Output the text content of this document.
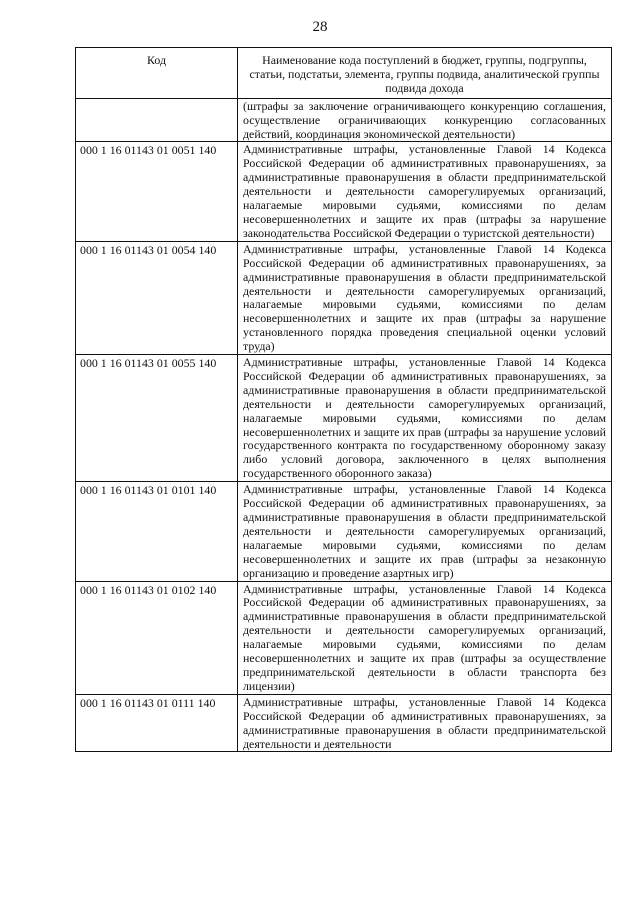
28
Код	Наименование кода поступлений в бюджет, группы, подгруппы, статьи, подстатьи, элемента, группы подвида, аналитической группы подвида дохода
	(штрафы за заключение ограничивающего конкуренцию соглашения, осуществление ограничивающих конкуренцию согласованных действий, координация экономической деятельности)
000 1 16 01143 01 0051 140	Административные штрафы, установленные Главой 14 Кодекса Российской Федерации об административных правонарушениях, за административные правонарушения в области предпринимательской деятельности и деятельности саморегулируемых организаций, налагаемые мировыми судьями, комиссиями по делам несовершеннолетних и защите их прав (штрафы за нарушение законодательства Российской Федерации о туристской деятельности)
000 1 16 01143 01 0054 140	Административные штрафы, установленные Главой 14 Кодекса Российской Федерации об административных правонарушениях, за административные правонарушения в области предпринимательской деятельности и деятельности саморегулируемых организаций, налагаемые мировыми судьями, комиссиями по делам несовершеннолетних и защите их прав (штрафы за нарушение установленного порядка проведения специальной оценки условий труда)
000 1 16 01143 01 0055 140	Административные штрафы, установленные Главой 14 Кодекса Российской Федерации об административных правонарушениях, за административные правонарушения в области предпринимательской деятельности и деятельности саморегулируемых организаций, налагаемые мировыми судьями, комиссиями по делам несовершеннолетних и защите их прав (штрафы за нарушение условий государственного контракта по государственному оборонному заказу либо условий договора, заключенного в целях выполнения государственного оборонного заказа)
000 1 16 01143 01 0101 140	Административные штрафы, установленные Главой 14 Кодекса Российской Федерации об административных правонарушениях, за административные правонарушения в области предпринимательской деятельности и деятельности саморегулируемых организаций, налагаемые мировыми судьями, комиссиями по делам несовершеннолетних и защите их прав (штрафы за незаконную организацию и проведение азартных игр)
000 1 16 01143 01 0102 140	Административные штрафы, установленные Главой 14 Кодекса Российской Федерации об административных правонарушениях, за административные правонарушения в области предпринимательской деятельности и деятельности саморегулируемых организаций, налагаемые мировыми судьями, комиссиями по делам несовершеннолетних и защите их прав (штрафы за осуществление предпринимательской деятельности в области транспорта без лицензии)
000 1 16 01143 01 0111 140	Административные штрафы, установленные Главой 14 Кодекса Российской Федерации об административных правонарушениях, за административные правонарушения в области предпринимательской деятельности и деятельности
